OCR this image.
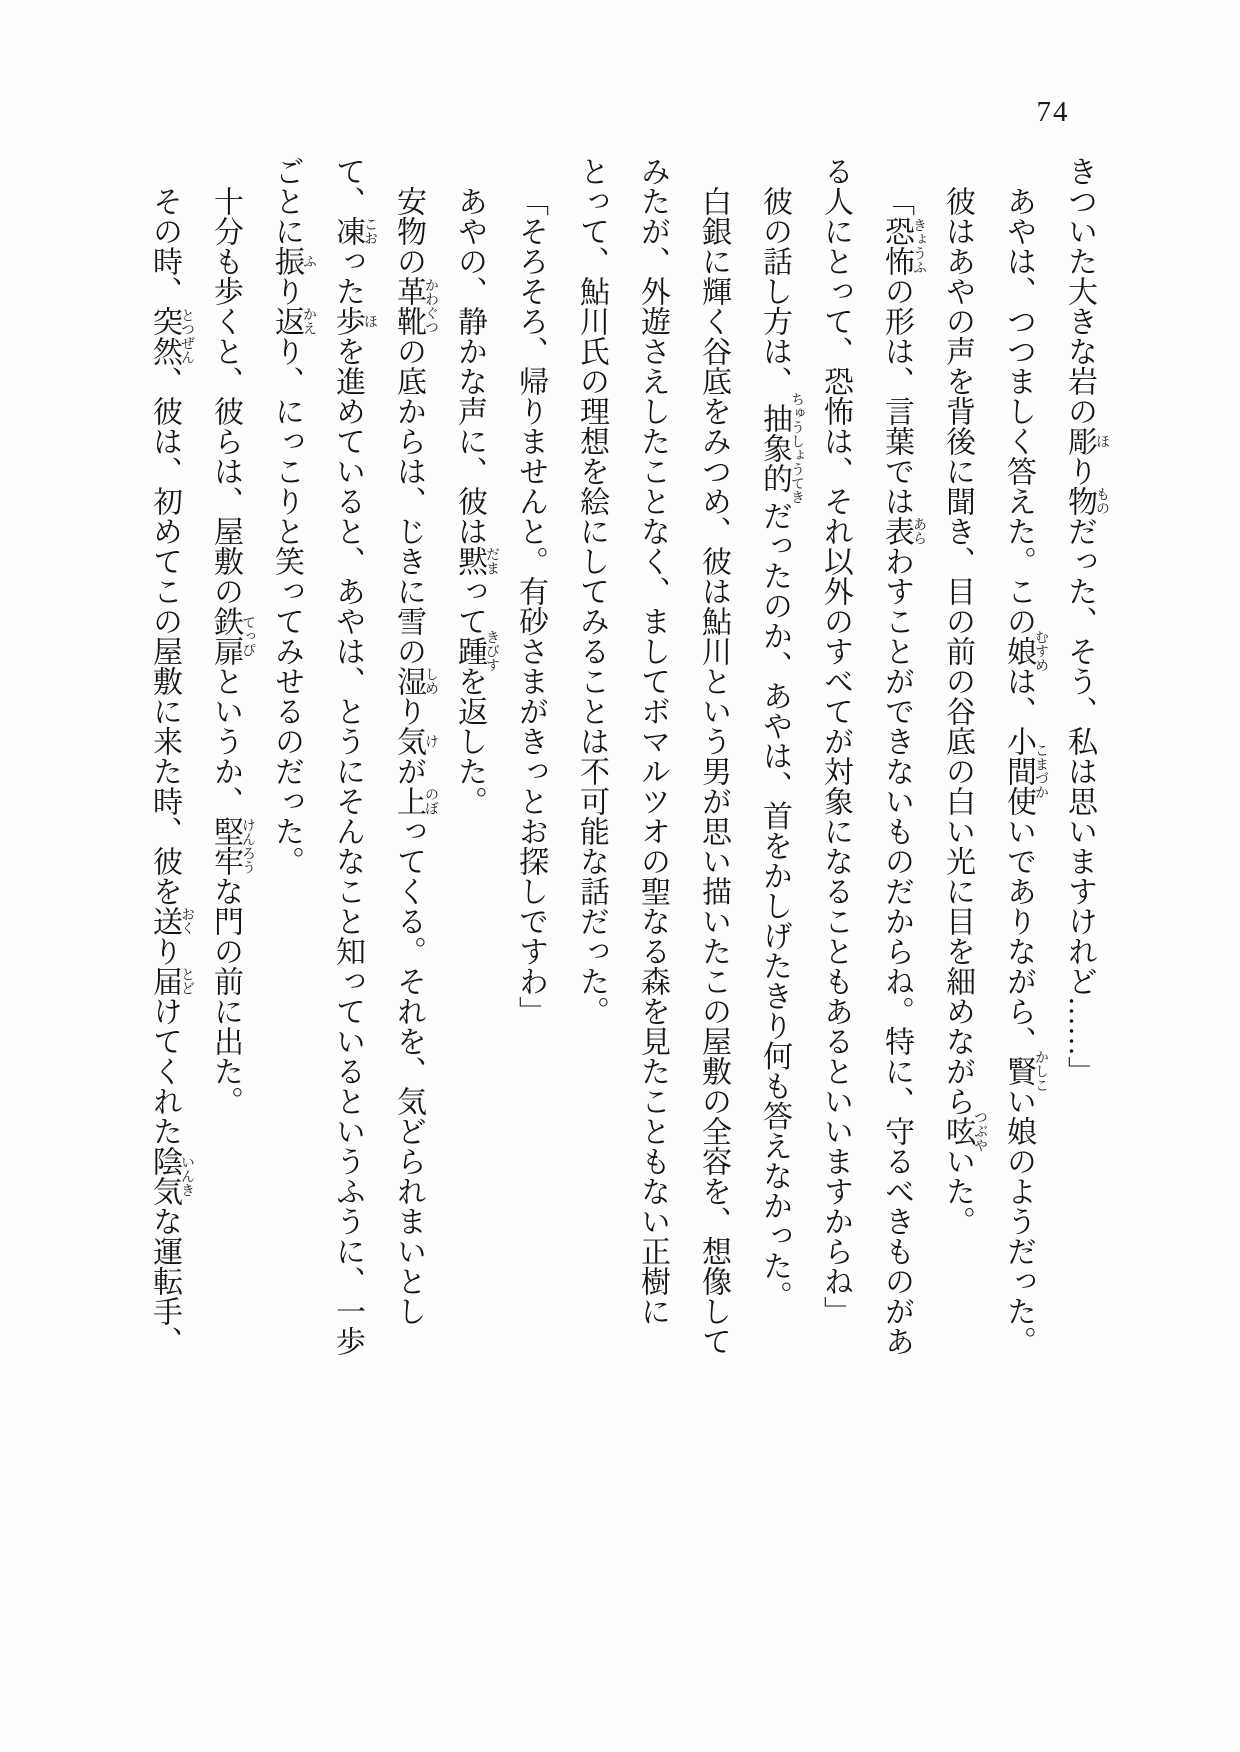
74

きついた大きな岩の彫ほり物ものだった、そう、私は思いますけれど……」

あやは、つつましく答えた。この娘むすめは、小間使こまづかいでありながら、賢かしこい娘のようだった。

彼はあやの声を背後に聞き、目の前の谷底の白い光に目を細めながら呟つぶやいた。

「恐怖きょうふの形は、言葉では表あらわすことができないものだからね。特に、守るべきものがある人にとって、恐怖は、それ以外のすべてが対象になることもあるといいますからね」

彼の話し方は、抽象的ちゅうしょうてきだったのか、あやは、首をかしげたきり何も答えなかった。

白銀に輝く谷底をみつめ、彼は鮎川という男が思い描いたこの屋敷の全容を、想像してみたが、外遊さえしたことなく、ましてボマルツオの聖なる森を見たこともない正樹にとって、鮎川氏の理想を絵にしてみることは不可能な話だった。

「そろそろ、帰りませんと。有砂さまがきっとお探しですわ」

あやの、静かな声に、彼は黙だまって踵きびすを返した。

安物の革靴かわぐつの底からは、じきに雪の湿しめり気けが上のぼってくる。それを、気どられまいとして、凍こおった歩ほを進めていると、あやは、とうにそんなこと知っているというふうに、一歩ごとに振ふり返かえり、にっこりと笑ってみせるのだった。

十分も歩くと、彼らは、屋敷の鉄扉てっぴというか、堅牢けんろうな門の前に出た。

その時、突然とつぜん、彼は、初めてこの屋敷に来た時、彼を送おくり届とどけてくれた陰気いんきな運転手、
